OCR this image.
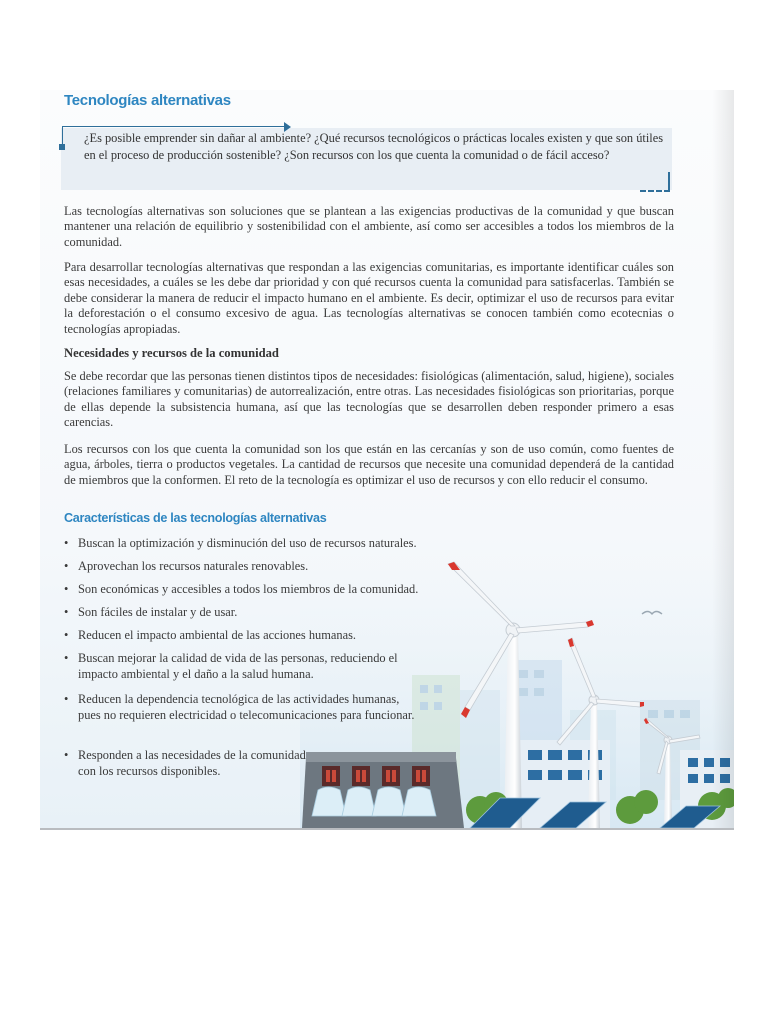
Tecnologías alternativas

¿Es posible emprender sin dañar al ambiente? ¿Qué recursos tecnológicos o prácticas locales existen y que son útiles en el proceso de producción sostenible? ¿Son recursos con los que cuenta la comunidad o de fácil acceso?

Las tecnologías alternativas son soluciones que se plantean a las exigencias productivas de la comunidad y que buscan mantener una relación de equilibrio y sostenibilidad con el ambiente, así como ser accesibles a todos los miembros de la comunidad.

Para desarrollar tecnologías alternativas que respondan a las exigencias comunitarias, es importante identificar cuáles son esas necesidades, a cuáles se les debe dar prioridad y con qué recursos cuenta la comunidad para satisfacerlas. También se debe considerar la manera de reducir el impacto humano en el ambiente. Es decir, optimizar el uso de recursos para evitar la deforestación o el consumo excesivo de agua. Las tecnologías alternativas se conocen también como ecotecnias o tecnologías apropiadas.

Necesidades y recursos de la comunidad

Se debe recordar que las personas tienen distintos tipos de necesidades: fisiológicas (alimentación, salud, higiene), sociales (relaciones familiares y comunitarias) de autorrealización, entre otras. Las necesidades fisiológicas son prioritarias, porque de ellas depende la subsistencia humana, así que las tecnologías que se desarrollen deben responder primero a esas carencias.

Los recursos con los que cuenta la comunidad son los que están en las cercanías y son de uso común, como fuentes de agua, árboles, tierra o productos vegetales. La cantidad de recursos que necesite una comunidad dependerá de la cantidad de miembros que la conformen. El reto de la tecnología es optimizar el uso de recursos y con ello reducir el consumo.

Características de las tecnologías alternativas
• Buscan la optimización y disminución del uso de recursos naturales.
• Aprovechan los recursos naturales renovables.
• Son económicas y accesibles a todos los miembros de la comunidad.
• Son fáciles de instalar y de usar.
• Reducen el impacto ambiental de las acciones humanas.
• Buscan mejorar la calidad de vida de las personas, reduciendo el impacto ambiental y el daño a la salud humana.
• Reducen la dependencia tecnológica de las actividades humanas, pues no requieren electricidad o telecomunicaciones para funcionar.
• Responden a las necesidades de la comunidad con los recursos disponibles.
